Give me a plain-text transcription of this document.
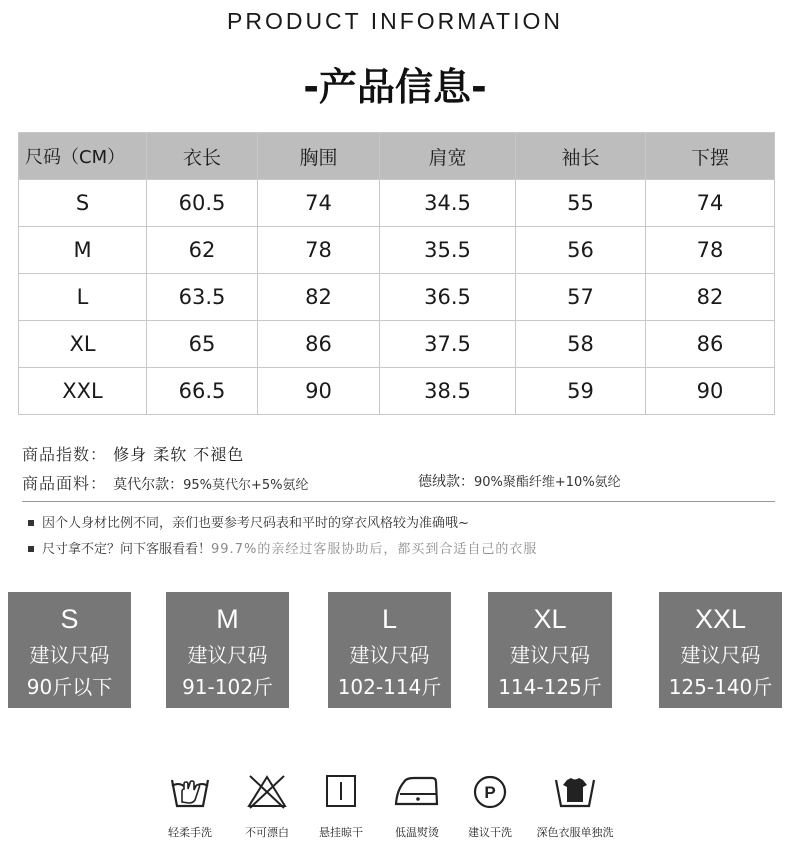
PRODUCT INFORMATION
-产品信息-
尺码（CM）	衣长	胸围	肩宽	袖长	下摆
S	60.5	74	34.5	55	74
M	62	78	35.5	56	78
L	63.5	82	36.5	57	82
XL	65	86	37.5	58	86
XXL	66.5	90	38.5	59	90
商品指数： 修身 柔软 不褪色
商品面料： 莫代尔款：95%莫代尔+5%氨纶	德绒款：90%聚酯纤维+10%氨纶
因个人身材比例不同，亲们也要参考尺码表和平时的穿衣风格较为准确哦~
尺寸拿不定？问下客服看看！99.7%的亲经过客服协助后，都买到合适自己的衣服
S
建议尺码
90斤以下
M
建议尺码
91-102斤
L
建议尺码
102-114斤
XL
建议尺码
114-125斤
XXL
建议尺码
125-140斤
轻柔手洗	不可漂白	悬挂晾干	低温熨烫
P
建议干洗	深色衣服单独洗
